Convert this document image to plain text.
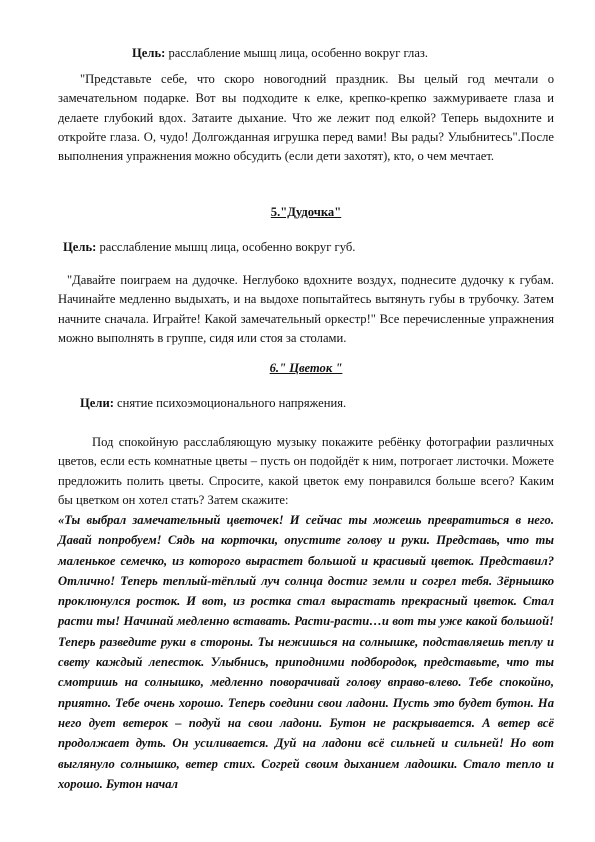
Цель: расслабление мышц лица, особенно вокруг глаз.
"Представьте себе, что скоро новогодний праздник. Вы целый год мечтали о замечательном подарке. Вот вы подходите к елке, крепко-крепко зажмуриваете глаза и делаете глубокий вдох. Затаите дыхание. Что же лежит под елкой? Теперь выдохните и откройте глаза. О, чудо! Долгожданная игрушка перед вами! Вы рады? Улыбнитесь".После выполнения упражнения можно обсудить (если дети захотят), кто, о чем мечтает.
5."Дудочка"
Цель: расслабление мышц лица, особенно вокруг губ.
"Давайте поиграем на дудочке. Неглубоко вдохните воздух, поднесите дудочку к губам. Начинайте медленно выдыхать, и на выдохе попытайтесь вытянуть губы в трубочку. Затем начните сначала. Играйте! Какой замечательный оркестр!" Все перечисленные упражнения можно выполнять в группе, сидя или стоя за столами.
6." Цветок "
Цели: снятие психоэмоционального напряжения.
Под спокойную расслабляющую музыку покажите ребёнку фотографии различных цветов, если есть комнатные цветы – пусть он подойдёт к ним, потрогает листочки. Можете предложить полить цветы. Спросите, какой цветок ему понравился больше всего? Каким бы цветком он хотел стать? Затем скажите:
«Ты выбрал замечательный цветочек! И сейчас ты можешь превратиться в него. Давай попробуем! Сядь на корточки, опустите голову и руки. Представь, что ты маленькое семечко, из которого вырастет большой и красивый цветок. Представил? Отлично! Теперь теплый-тёплый луч солнца достиг земли и согрел тебя. Зёрнышко проклюнулся росток. И вот, из ростка стал вырастать прекрасный цветок. Стал расти ты! Начинай медленно вставать. Расти-расти…и вот ты уже какой большой! Теперь разведите руки в стороны. Ты нежишься на солнышке, подставляешь теплу и свету каждый лепесток. Улыбнись, приподними подбородок, представьте, что ты смотришь на солнышко, медленно поворачивай голову вправо-влево. Тебе спокойно, приятно. Тебе очень хорошо. Теперь соедини свои ладони. Пусть это будет бутон. На него дует ветерок – подуй на свои ладони. Бутон не раскрывается. А ветер всё продолжает дуть. Он усиливается. Дуй на ладони всё сильней и сильней! Но вот выглянуло солнышко, ветер стих. Согрей своим дыханием ладошки. Стало тепло и хорошо. Бутон начал
